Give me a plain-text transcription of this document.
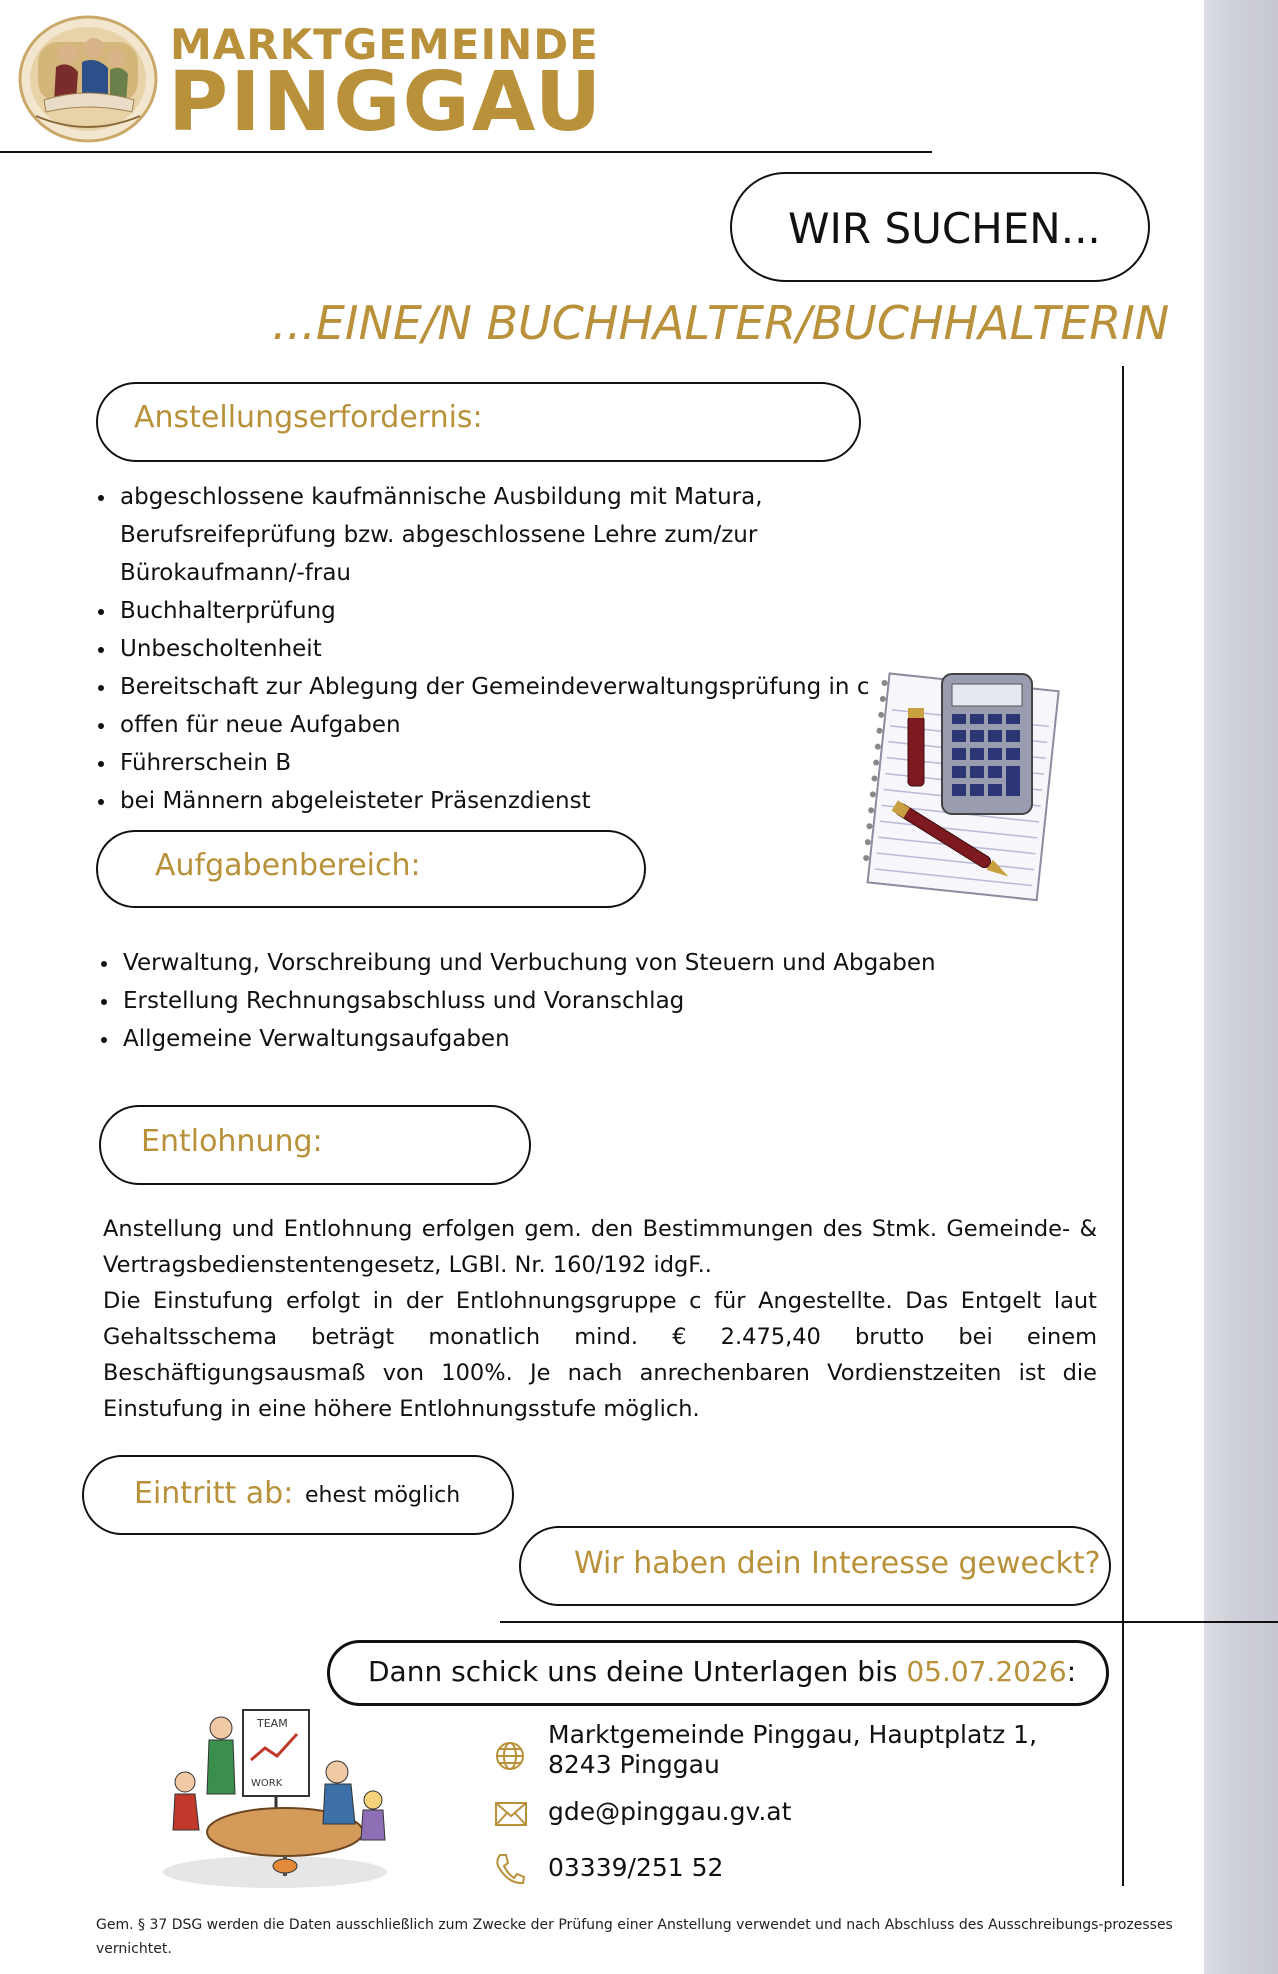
MARKTGEMEINDE
PINGGAU
WIR SUCHEN...
...EINE/N BUCHHALTER/BUCHHALTERIN
Anstellungserfordernis:
abgeschlossene kaufmännische Ausbildung mit Matura, Berufsreifeprüfung bzw. abgeschlossene Lehre zum/zur Bürokaufmann/-frau
Buchhalterprüfung
Unbescholtenheit
Bereitschaft zur Ablegung der Gemeindeverwaltungsprüfung in c
offen für neue Aufgaben
Führerschein B
bei Männern abgeleisteter Präsenzdienst
Aufgabenbereich:
Verwaltung, Vorschreibung und Verbuchung von Steuern und Abgaben
Erstellung Rechnungsabschluss und Voranschlag
Allgemeine Verwaltungsaufgaben
Entlohnung:
Anstellung und Entlohnung erfolgen gem. den Bestimmungen des Stmk. Gemeinde- & Vertragsbedienstentengesetz, LGBl. Nr. 160/192 idgF..
Die Einstufung erfolgt in der Entlohnungsgruppe c für Angestellte. Das Entgelt laut Gehaltsschema beträgt monatlich mind. € 2.475,40 brutto bei einem Beschäftigungsausmaß von 100%. Je nach anrechenbaren Vordienstzeiten ist die Einstufung in eine höhere Entlohnungsstufe möglich.
Eintritt ab: ehest möglich
Wir haben dein Interesse geweckt?
Dann schick uns deine Unterlagen bis 05.07.2026:
TEAM
WORK
Marktgemeinde Pinggau, Hauptplatz 1,
8243 Pinggau
gde@pinggau.gv.at
03339/251 52
Gem. § 37 DSG werden die Daten ausschließlich zum Zwecke der Prüfung einer Anstellung verwendet und nach Abschluss des Ausschreibungs-prozesses vernichtet.
